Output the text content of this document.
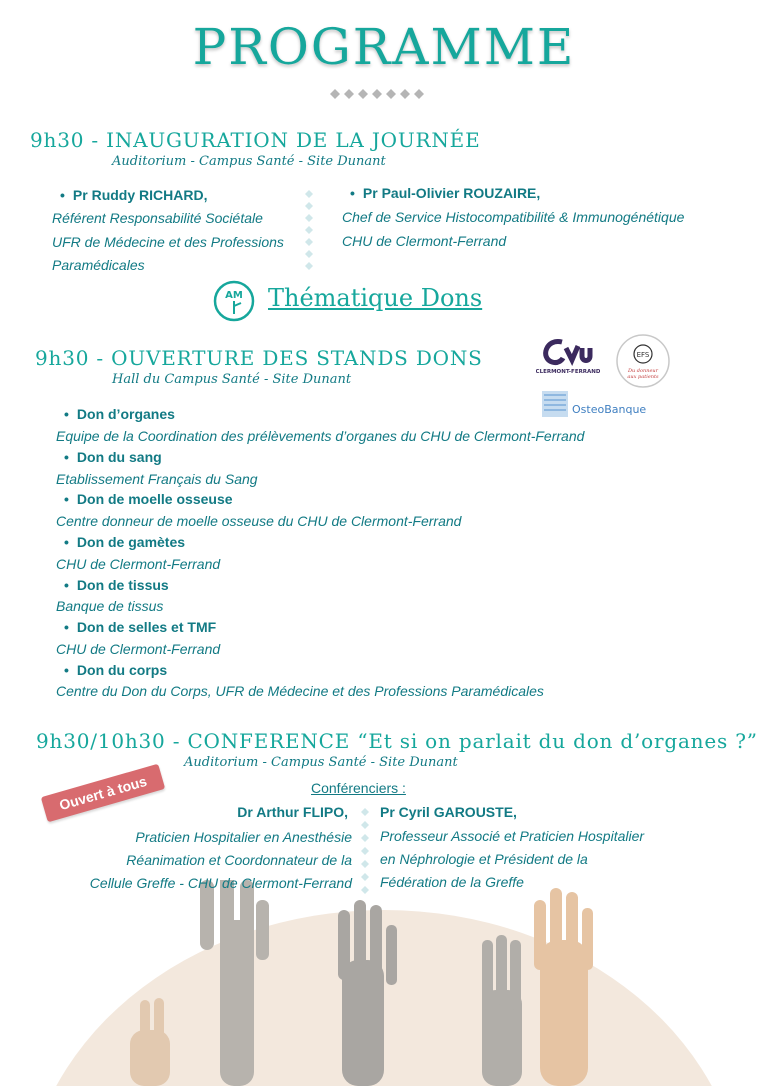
PROGRAMME
9h30 - INAUGURATION DE LA JOURNÉE
Auditorium - Campus Santé - Site Dunant
• Pr Ruddy RICHARD,
Référent Responsabilité Sociétale
UFR de Médecine et des Professions
Paramédicales
• Pr Paul-Olivier ROUZAIRE,
Chef de Service Histocompatibilité & Immunogénétique
CHU de Clermont-Ferrand
AM Thématique Dons
9h30 - OUVERTURE DES STANDS DONS
Hall du Campus Santé - Site Dunant	CLERMONT-FERRAND
EFS
Du donneur
aux patients
OsteoBanque
• Don d’organes
Equipe de la Coordination des prélèvements d’organes du CHU de Clermont-Ferrand
• Don du sang
Etablissement Français du Sang
• Don de moelle osseuse
Centre donneur de moelle osseuse du CHU de Clermont-Ferrand
• Don de gamètes
CHU de Clermont-Ferrand
• Don de tissus
Banque de tissus
• Don de selles et TMF
CHU de Clermont-Ferrand
• Don du corps
Centre du Don du Corps, UFR de Médecine et des Professions Paramédicales
9h30/10h30 - CONFERENCE “Et si on parlait du don d’organes ?”
Auditorium - Campus Santé - Site Dunant
Ouvert à tous	Conférenciers :
Dr Arthur FLIPO,
Praticien Hospitalier en Anesthésie
Réanimation et Coordonnateur de la
Cellule Greffe - CHU de Clermont-Ferrand
Pr Cyril GAROUSTE,
Professeur Associé et Praticien Hospitalier
en Néphrologie et Président de la
Fédération de la Greffe
